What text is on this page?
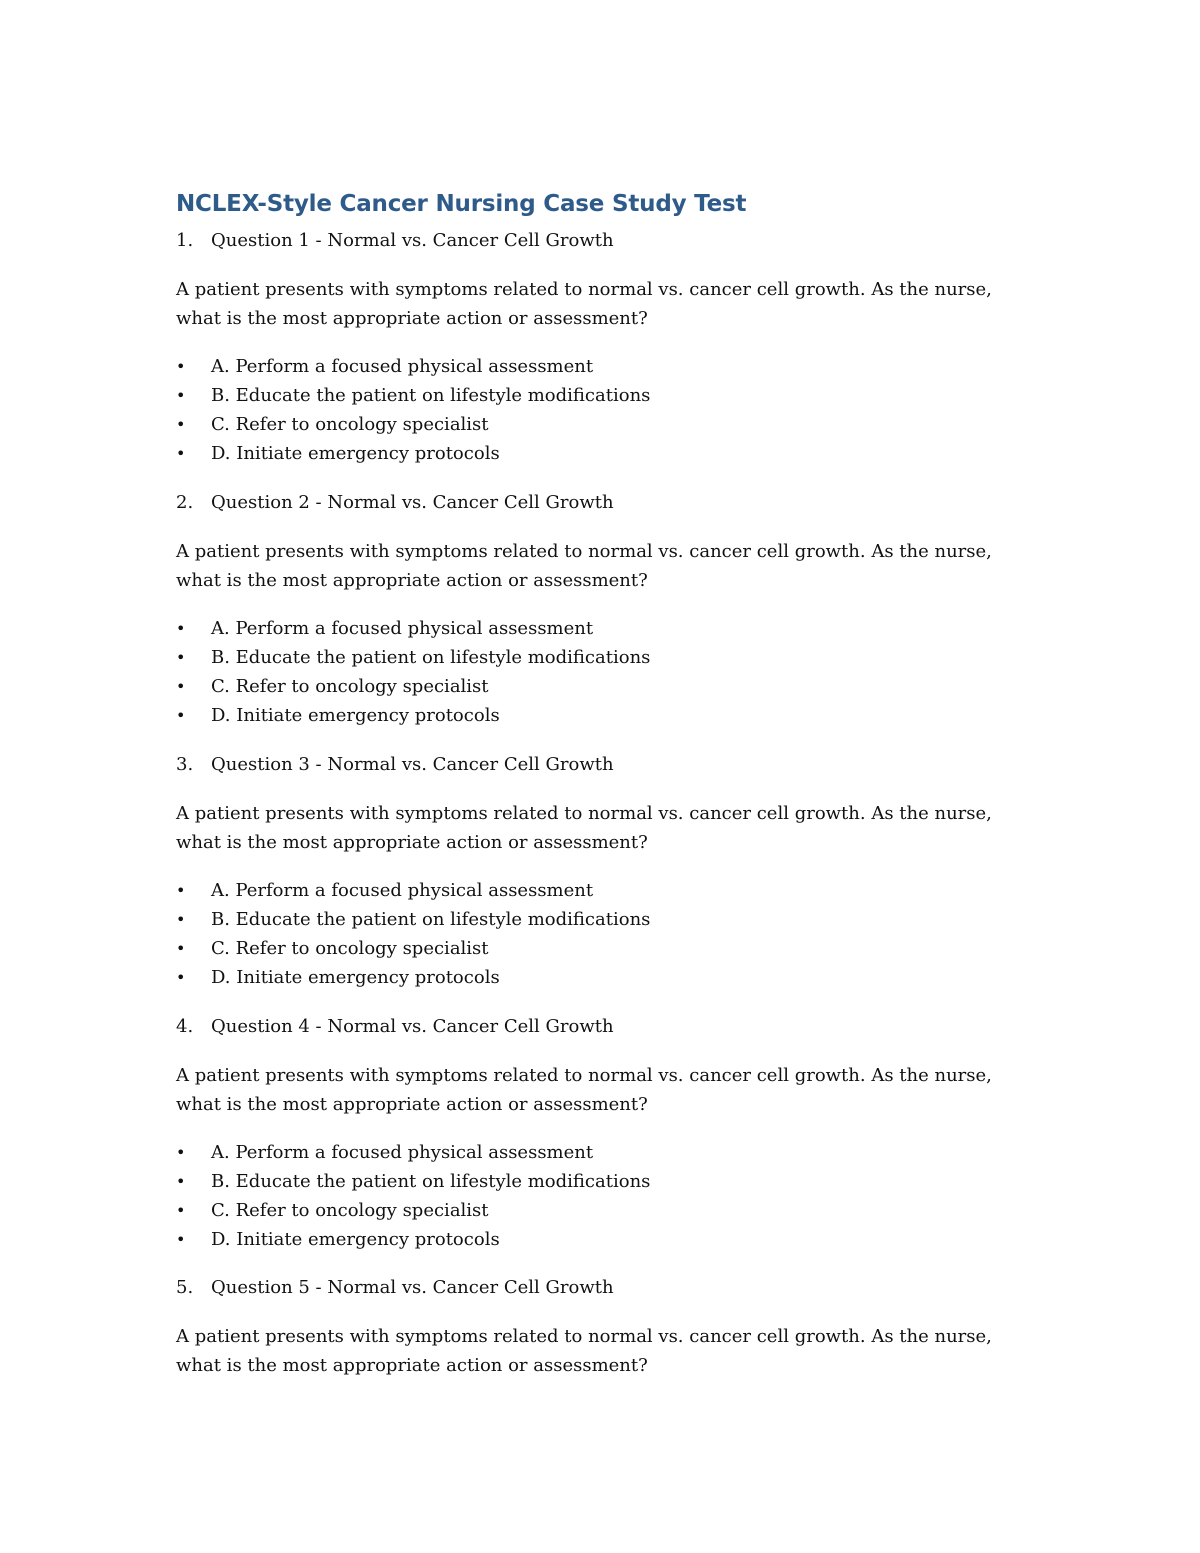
NCLEX-Style Cancer Nursing Case Study Test
1. Question 1 - Normal vs. Cancer Cell Growth
A patient presents with symptoms related to normal vs. cancer cell growth. As the nurse, what is the most appropriate action or assessment?
• A. Perform a focused physical assessment
• B. Educate the patient on lifestyle modifications
• C. Refer to oncology specialist
• D. Initiate emergency protocols
2. Question 2 - Normal vs. Cancer Cell Growth
A patient presents with symptoms related to normal vs. cancer cell growth. As the nurse, what is the most appropriate action or assessment?
• A. Perform a focused physical assessment
• B. Educate the patient on lifestyle modifications
• C. Refer to oncology specialist
• D. Initiate emergency protocols
3. Question 3 - Normal vs. Cancer Cell Growth
A patient presents with symptoms related to normal vs. cancer cell growth. As the nurse, what is the most appropriate action or assessment?
• A. Perform a focused physical assessment
• B. Educate the patient on lifestyle modifications
• C. Refer to oncology specialist
• D. Initiate emergency protocols
4. Question 4 - Normal vs. Cancer Cell Growth
A patient presents with symptoms related to normal vs. cancer cell growth. As the nurse, what is the most appropriate action or assessment?
• A. Perform a focused physical assessment
• B. Educate the patient on lifestyle modifications
• C. Refer to oncology specialist
• D. Initiate emergency protocols
5. Question 5 - Normal vs. Cancer Cell Growth
A patient presents with symptoms related to normal vs. cancer cell growth. As the nurse, what is the most appropriate action or assessment?
